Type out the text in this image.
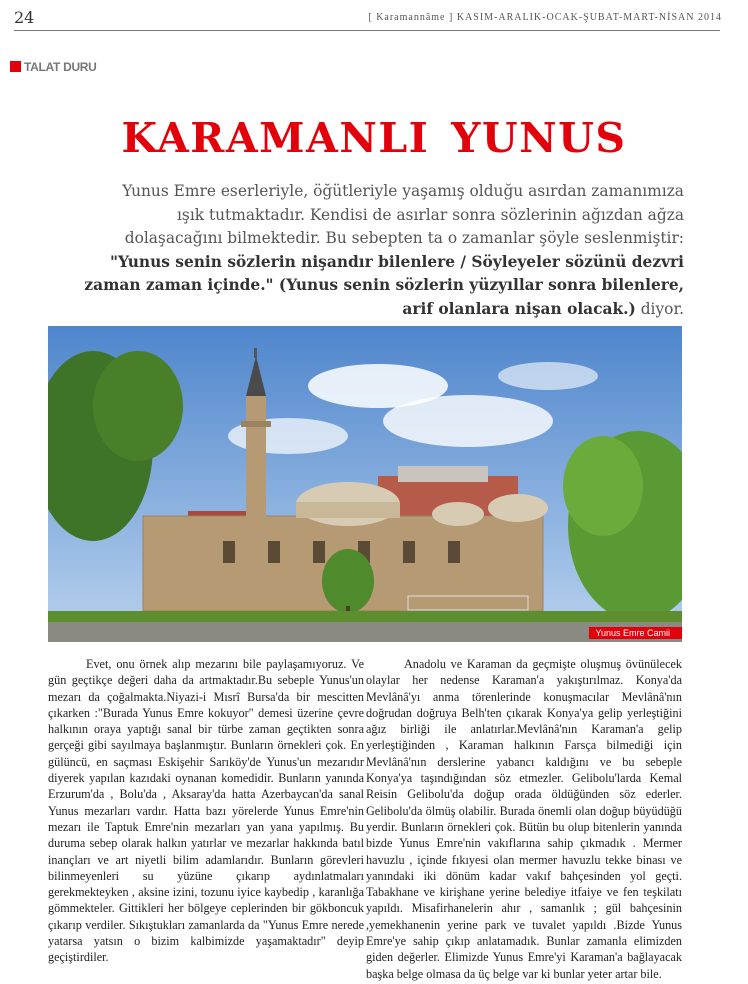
24	[ Karamannâme ] KASIM-ARALIK-OCAK-ŞUBAT-MART-NİSAN 2014
TALAT DURU
KARAMANLI YUNUS
Yunus Emre eserleriyle, öğütleriyle yaşamış olduğu asırdan zamanımıza
ışık tutmaktadır. Kendisi de asırlar sonra sözlerinin ağızdan ağza
dolaşacağını bilmektedir. Bu sebepten ta o zamanlar şöyle seslenmiştir:
"Yunus senin sözlerin nişandır bilenlere / Söyleyeler sözünü dezvri
zaman zaman içinde." (Yunus senin sözlerin yüzyıllar sonra bilenlere,
arif olanlara nişan olacak.) diyor.
Yunus Emre Camii

Evet, onu örnek alıp mezarını bile paylaşamıyoruz. Ve gün geçtikçe değeri daha da artmaktadır.Bu sebeple Yunus'un mezarı da çoğalmakta.Niyazi-i Mısrî Bursa'da bir mescitten çıkarken :"Burada Yunus Emre kokuyor" demesi üzerine çevre halkının oraya yaptığı sanal bir türbe zaman geçtikten sonra gerçeği gibi sayılmaya başlanmıştır. Bunların örnekleri çok. En gülüncü, en saçması Eskişehir Sarıköy'de Yunus'un mezarıdır diyerek yapılan kazıdaki oynanan komedidir. Bunların yanında Erzurum'da , Bolu'da , Aksaray'da hatta Azerbaycan'da sanal Yunus mezarları vardır. Hatta bazı yörelerde Yunus Emre'nin mezarı ile Taptuk Emre'nin mezarları yan yana yapılmış. Bu duruma sebep olarak halkın yatırlar ve mezarlar hakkında batıl inançları ve art niyetli bilim adamlarıdır. Bunların görevleri bilinmeyenleri su yüzüne çıkarıp aydınlatmaları gerekmekteyken , aksine izini, tozunu iyice kaybedip , karanlığa gömmekteler. Gittikleri her bölgeye ceplerinden bir gökboncuk çıkarıp verdiler. Sıkıştukları zamanlarda da "Yunus Emre nerede yatarsa yatsın o bizim kalbimizde yaşamaktadır" deyip geçiştirdiler.

Anadolu ve Karaman da geçmişte oluşmuş övünülecek olaylar her nedense Karaman'a yakıştırılmaz. Konya'da Mevlânâ'yı anma törenlerinde konuşmacılar Mevlânâ'nın doğrudan doğruya Belh'ten çıkarak Konya'ya gelip yerleştiğini ağız birliği ile anlatırlar.Mevlânâ'nın Karaman'a gelip yerleştiğinden , Karaman halkının Farsça bilmediği için Mevlânâ'nın derslerine yabancı kaldığını ve bu sebeple Konya'ya taşındığından söz etmezler. Gelibolu'larda Kemal Reisin Gelibolu'da doğup orada öldüğünden söz ederler. Gelibolu'da ölmüş olabilir. Burada önemli olan doğup büyüdüğü yerdir. Bunların örnekleri çok. Bütün bu olup bitenlerin yanında bizde Yunus Emre'nin vakıflarına sahip çıkmadık . Mermer havuzlu , içinde fıkıyesi olan mermer havuzlu tekke binası ve yanındaki iki dönüm kadar vakıf bahçesinden yol geçti. Tabakhane ve kirişhane yerine belediye itfaiye ve fen teşkilatı yapıldı. Misafirhanelerin ahır , samanlık ; gül bahçesinin ,yemekhanenin yerine park ve tuvalet yapıldı .Bizde Yunus Emre'ye sahip çıkıp anlatamadık. Bunlar zamanla elimizden giden değerler. Elimizde Yunus Emre'yi Karaman'a bağlayacak başka belge olmasa da üç belge var ki bunlar yeter artar bile.
